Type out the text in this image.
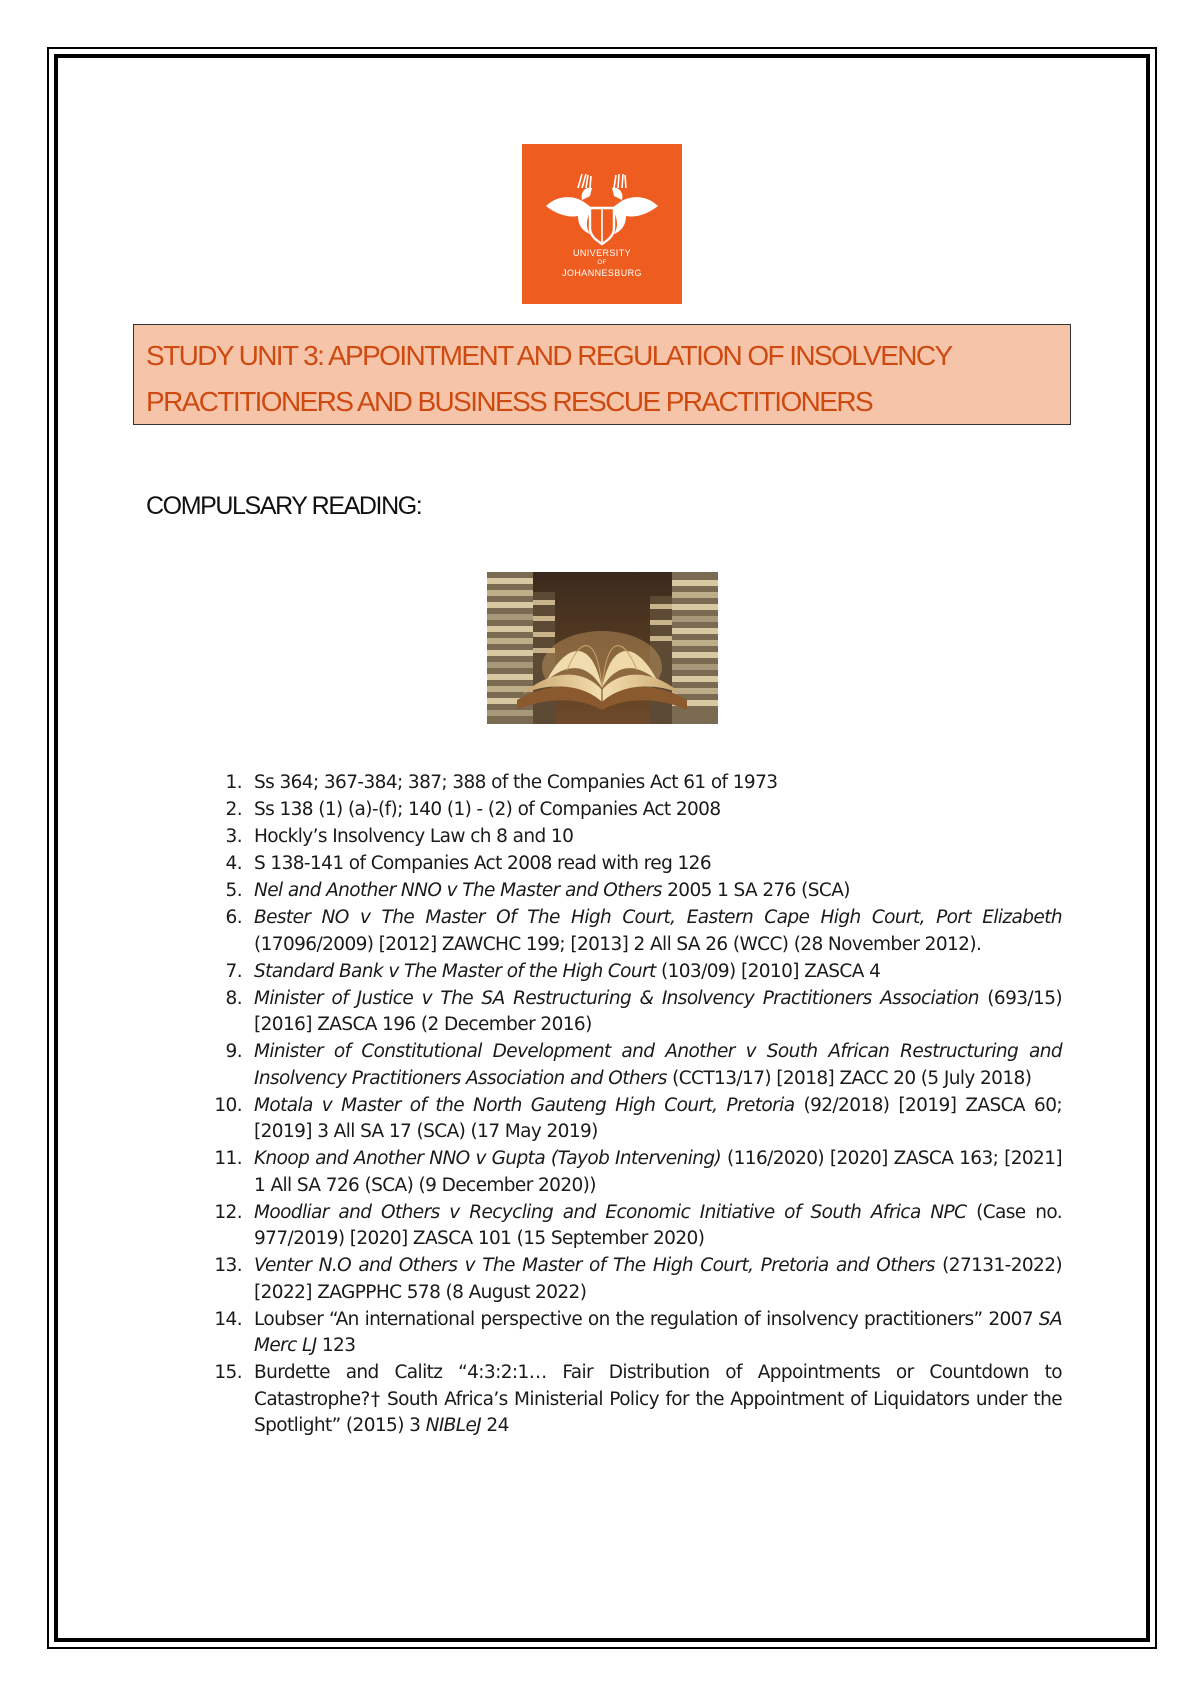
UNIVERSITY
OF
JOHANNESBURG
STUDY UNIT 3: APPOINTMENT AND REGULATION OF INSOLVENCY
PRACTITIONERS AND BUSINESS RESCUE PRACTITIONERS
COMPULSARY READING:
1. Ss 364; 367-384; 387; 388 of the Companies Act 61 of 1973
2. Ss 138 (1) (a)-(f); 140 (1) - (2) of Companies Act 2008
3. Hockly’s Insolvency Law ch 8 and 10
4. S 138-141 of Companies Act 2008 read with reg 126
5. Nel and Another NNO v The Master and Others 2005 1 SA 276 (SCA)
6. Bester NO v The Master Of The High Court, Eastern Cape High Court, Port Elizabeth (17096/2009) [2012] ZAWCHC 199; [2013] 2 All SA 26 (WCC) (28 November 2012).
7. Standard Bank v The Master of the High Court (103/09) [2010] ZASCA 4
8. Minister of Justice v The SA Restructuring & Insolvency Practitioners Association (693/15) [2016] ZASCA 196 (2 December 2016)
9. Minister of Constitutional Development and Another v South African Restructuring and Insolvency Practitioners Association and Others (CCT13/17) [2018] ZACC 20 (5 July 2018)
10. Motala v Master of the North Gauteng High Court, Pretoria (92/2018) [2019] ZASCA 60; [2019] 3 All SA 17 (SCA) (17 May 2019)
11. Knoop and Another NNO v Gupta (Tayob Intervening) (116/2020) [2020] ZASCA 163; [2021] 1 All SA 726 (SCA) (9 December 2020))
12. Moodliar and Others v Recycling and Economic Initiative of South Africa NPC (Case no. 977/2019) [2020] ZASCA 101 (15 September 2020)
13. Venter N.O and Others v The Master of The High Court, Pretoria and Others (27131-2022) [2022] ZAGPPHC 578 (8 August 2022)
14. Loubser “An international perspective on the regulation of insolvency practitioners” 2007 SA Merc LJ 123
15. Burdette and Calitz “4:3:2:1… Fair Distribution of Appointments or Countdown to Catastrophe?† South Africa’s Ministerial Policy for the Appointment of Liquidators under the Spotlight” (2015) 3 NIBLeJ 24
